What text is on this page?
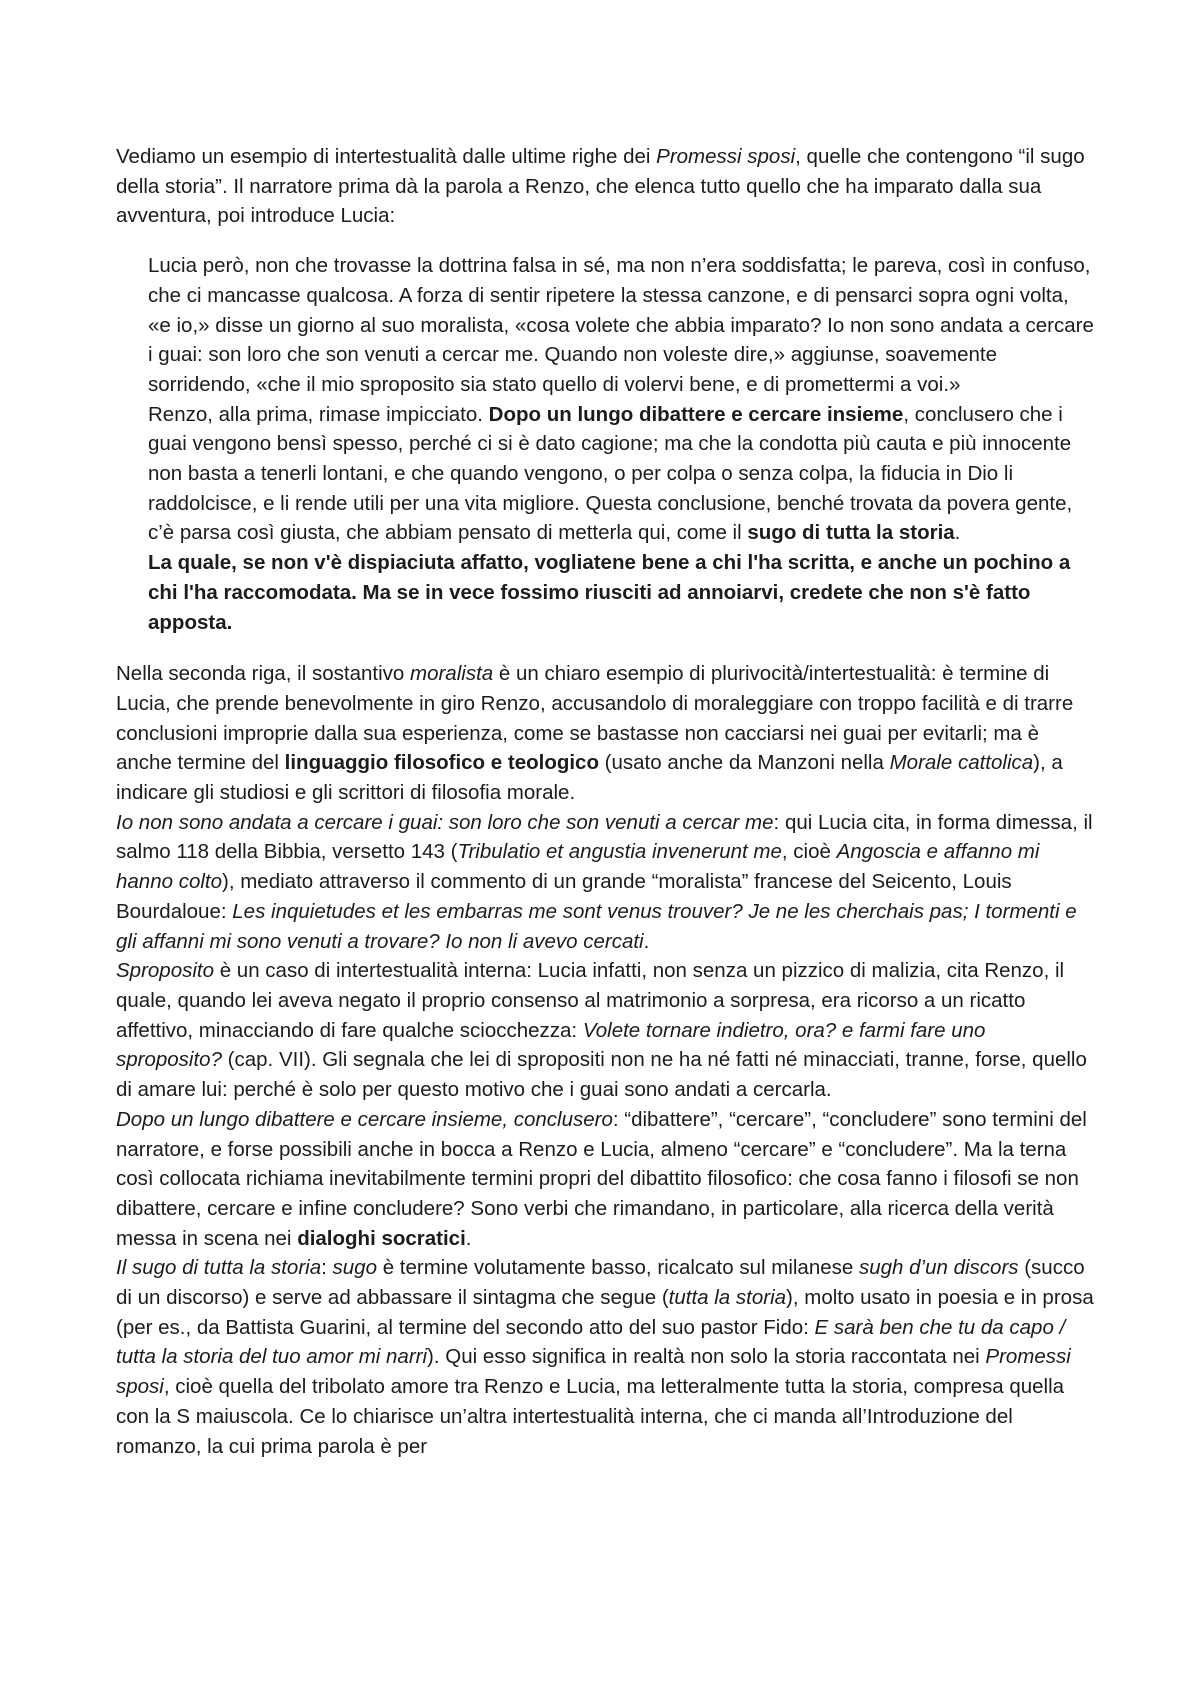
Vediamo un esempio di intertestualità dalle ultime righe dei Promessi sposi, quelle che contengono “il sugo della storia”. Il narratore prima dà la parola a Renzo, che elenca tutto quello che ha imparato dalla sua avventura, poi introduce Lucia:

Lucia però, non che trovasse la dottrina falsa in sé, ma non n’era soddisfatta; le pareva, così in confuso, che ci mancasse qualcosa. A forza di sentir ripetere la stessa canzone, e di pensarci sopra ogni volta, «e io,» disse un giorno al suo moralista, «cosa volete che abbia imparato? Io non sono andata a cercare i guai: son loro che son venuti a cercar me. Quando non voleste dire,» aggiunse, soavemente sorridendo, «che il mio sproposito sia stato quello di volervi bene, e di promettermi a voi.»

Renzo, alla prima, rimase impicciato. Dopo un lungo dibattere e cercare insieme, conclusero che i guai vengono bensì spesso, perché ci si è dato cagione; ma che la condotta più cauta e più innocente non basta a tenerli lontani, e che quando vengono, o per colpa o senza colpa, la fiducia in Dio li raddolcisce, e li rende utili per una vita migliore. Questa conclusione, benché trovata da povera gente, c’è parsa così giusta, che abbiam pensato di metterla qui, come il sugo di tutta la storia.

La quale, se non v'è dispiaciuta affatto, vogliatene bene a chi l'ha scritta, e anche un pochino a chi l'ha raccomodata. Ma se in vece fossimo riusciti ad annoiarvi, credete che non s'è fatto apposta.

Nella seconda riga, il sostantivo moralista è un chiaro esempio di plurivocità/intertestualità: è termine di Lucia, che prende benevolmente in giro Renzo, accusandolo di moraleggiare con troppo facilità e di trarre conclusioni improprie dalla sua esperienza, come se bastasse non cacciarsi nei guai per evitarli; ma è anche termine del linguaggio filosofico e teologico (usato anche da Manzoni nella Morale cattolica), a indicare gli studiosi e gli scrittori di filosofia morale.

Io non sono andata a cercare i guai: son loro che son venuti a cercar me: qui Lucia cita, in forma dimessa, il salmo 118 della Bibbia, versetto 143 (Tribulatio et angustia invenerunt me, cioè Angoscia e affanno mi hanno colto), mediato attraverso il commento di un grande “moralista” francese del Seicento, Louis Bourdaloue: Les inquietudes et les embarras me sont venus trouver? Je ne les cherchais pas; I tormenti e gli affanni mi sono venuti a trovare? Io non li avevo cercati.

Sproposito è un caso di intertestualità interna: Lucia infatti, non senza un pizzico di malizia, cita Renzo, il quale, quando lei aveva negato il proprio consenso al matrimonio a sorpresa, era ricorso a un ricatto affettivo, minacciando di fare qualche sciocchezza: Volete tornare indietro, ora? e farmi fare uno sproposito? (cap. VII). Gli segnala che lei di spropositi non ne ha né fatti né minacciati, tranne, forse, quello di amare lui: perché è solo per questo motivo che i guai sono andati a cercarla.

Dopo un lungo dibattere e cercare insieme, conclusero: “dibattere”, “cercare”, “concludere” sono termini del narratore, e forse possibili anche in bocca a Renzo e Lucia, almeno “cercare” e “concludere”. Ma la terna così collocata richiama inevitabilmente termini propri del dibattito filosofico: che cosa fanno i filosofi se non dibattere, cercare e infine concludere? Sono verbi che rimandano, in particolare, alla ricerca della verità messa in scena nei dialoghi socratici.

Il sugo di tutta la storia: sugo è termine volutamente basso, ricalcato sul milanese sugh d’un discors (succo di un discorso) e serve ad abbassare il sintagma che segue (tutta la storia), molto usato in poesia e in prosa (per es., da Battista Guarini, al termine del secondo atto del suo pastor Fido: E sarà ben che tu da capo / tutta la storia del tuo amor mi narri). Qui esso significa in realtà non solo la storia raccontata nei Promessi sposi, cioè quella del tribolato amore tra Renzo e Lucia, ma letteralmente tutta la storia, compresa quella con la S maiuscola. Ce lo chiarisce un’altra intertestualità interna, che ci manda all’Introduzione del romanzo, la cui prima parola è per
